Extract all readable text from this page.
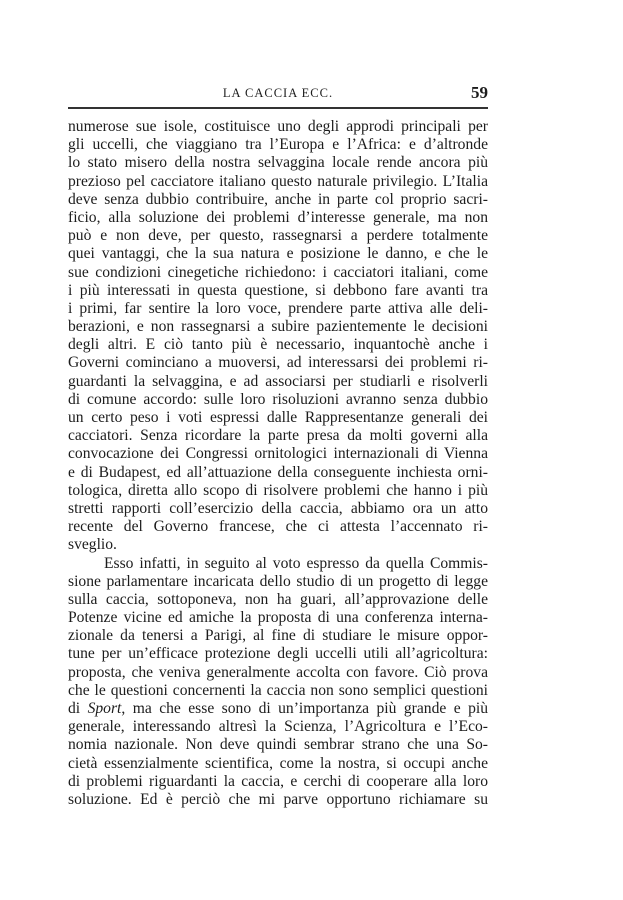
LA CACCIA ECC.	59
numerose sue isole, costituisce uno degli approdi principali per
gli uccelli, che viaggiano tra l’Europa e l’Africa: e d’altronde
lo stato misero della nostra selvaggina locale rende ancora più
prezioso pel cacciatore italiano questo naturale privilegio. L’Italia
deve senza dubbio contribuire, anche in parte col proprio sacri-
ficio, alla soluzione dei problemi d’interesse generale, ma non
può e non deve, per questo, rassegnarsi a perdere totalmente
quei vantaggi, che la sua natura e posizione le danno, e che le
sue condizioni cinegetiche richiedono: i cacciatori italiani, come
i più interessati in questa questione, si debbono fare avanti tra
i primi, far sentire la loro voce, prendere parte attiva alle deli-
berazioni, e non rassegnarsi a subire pazientemente le decisioni
degli altri. E ciò tanto più è necessario, inquantochè anche i
Governi cominciano a muoversi, ad interessarsi dei problemi ri-
guardanti la selvaggina, e ad associarsi per studiarli e risolverli
di comune accordo: sulle loro risoluzioni avranno senza dubbio
un certo peso i voti espressi dalle Rappresentanze generali dei
cacciatori. Senza ricordare la parte presa da molti governi alla
convocazione dei Congressi ornitologici internazionali di Vienna
e di Budapest, ed all’attuazione della conseguente inchiesta orni-
tologica, diretta allo scopo di risolvere problemi che hanno i più
stretti rapporti coll’esercizio della caccia, abbiamo ora un atto
recente del Governo francese, che ci attesta l’accennato ri-
sveglio.
Esso infatti, in seguito al voto espresso da quella Commis-
sione parlamentare incaricata dello studio di un progetto di legge
sulla caccia, sottoponeva, non ha guari, all’approvazione delle
Potenze vicine ed amiche la proposta di una conferenza interna-
zionale da tenersi a Parigi, al fine di studiare le misure oppor-
tune per un’efficace protezione degli uccelli utili all’agricoltura:
proposta, che veniva generalmente accolta con favore. Ciò prova
che le questioni concernenti la caccia non sono semplici questioni
di Sport, ma che esse sono di un’importanza più grande e più
generale, interessando altresì la Scienza, l’Agricoltura e l’Eco-
nomia nazionale. Non deve quindi sembrar strano che una So-
cietà essenzialmente scientifica, come la nostra, si occupi anche
di problemi riguardanti la caccia, e cerchi di cooperare alla loro
soluzione. Ed è perciò che mi parve opportuno richiamare su
